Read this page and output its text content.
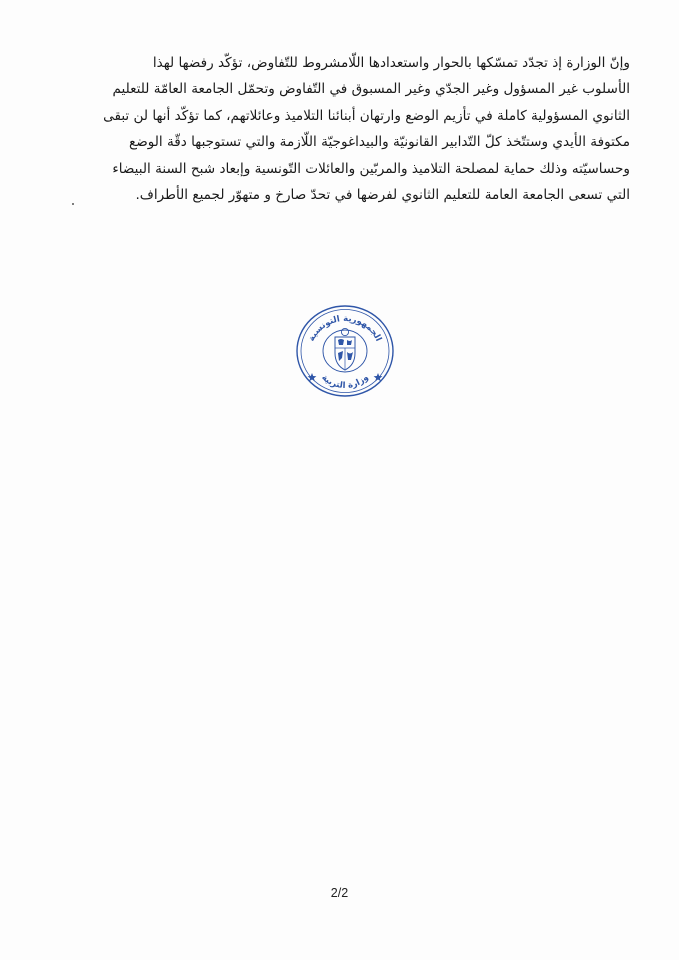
وإنّ الوزارة إذ تجدّد تمسّكها بالحوار واستعدادها اللّامشروط للتّفاوض، تؤكّد رفضها لهذا
الأسلوب غير المسؤول وغير الجدّي وغير المسبوق في التّفاوض وتحمّل الجامعة العامّة للتعليم
الثانوي المسؤولية كاملة في تأزيم الوضع وارتهان أبنائنا التلاميذ وعائلاتهم، كما تؤكّد أنها لن تبقى
مكتوفة الأيدي وستتّخذ كلّ التّدابير القانونيّة والبيداغوجيّة اللّازمة والتي تستوجبها دقّة الوضع
وحساسيّته وذلك حماية لمصلحة التلاميذ والمربّين والعائلات التّونسية وإبعاد شبح السنة البيضاء
التي تسعى الجامعة العامة للتعليم الثانوي لفرضها في تحدّ صارخ و متهوّر لجميع الأطراف.
الجمهورية التونسية
وزارة التربية
2/2
